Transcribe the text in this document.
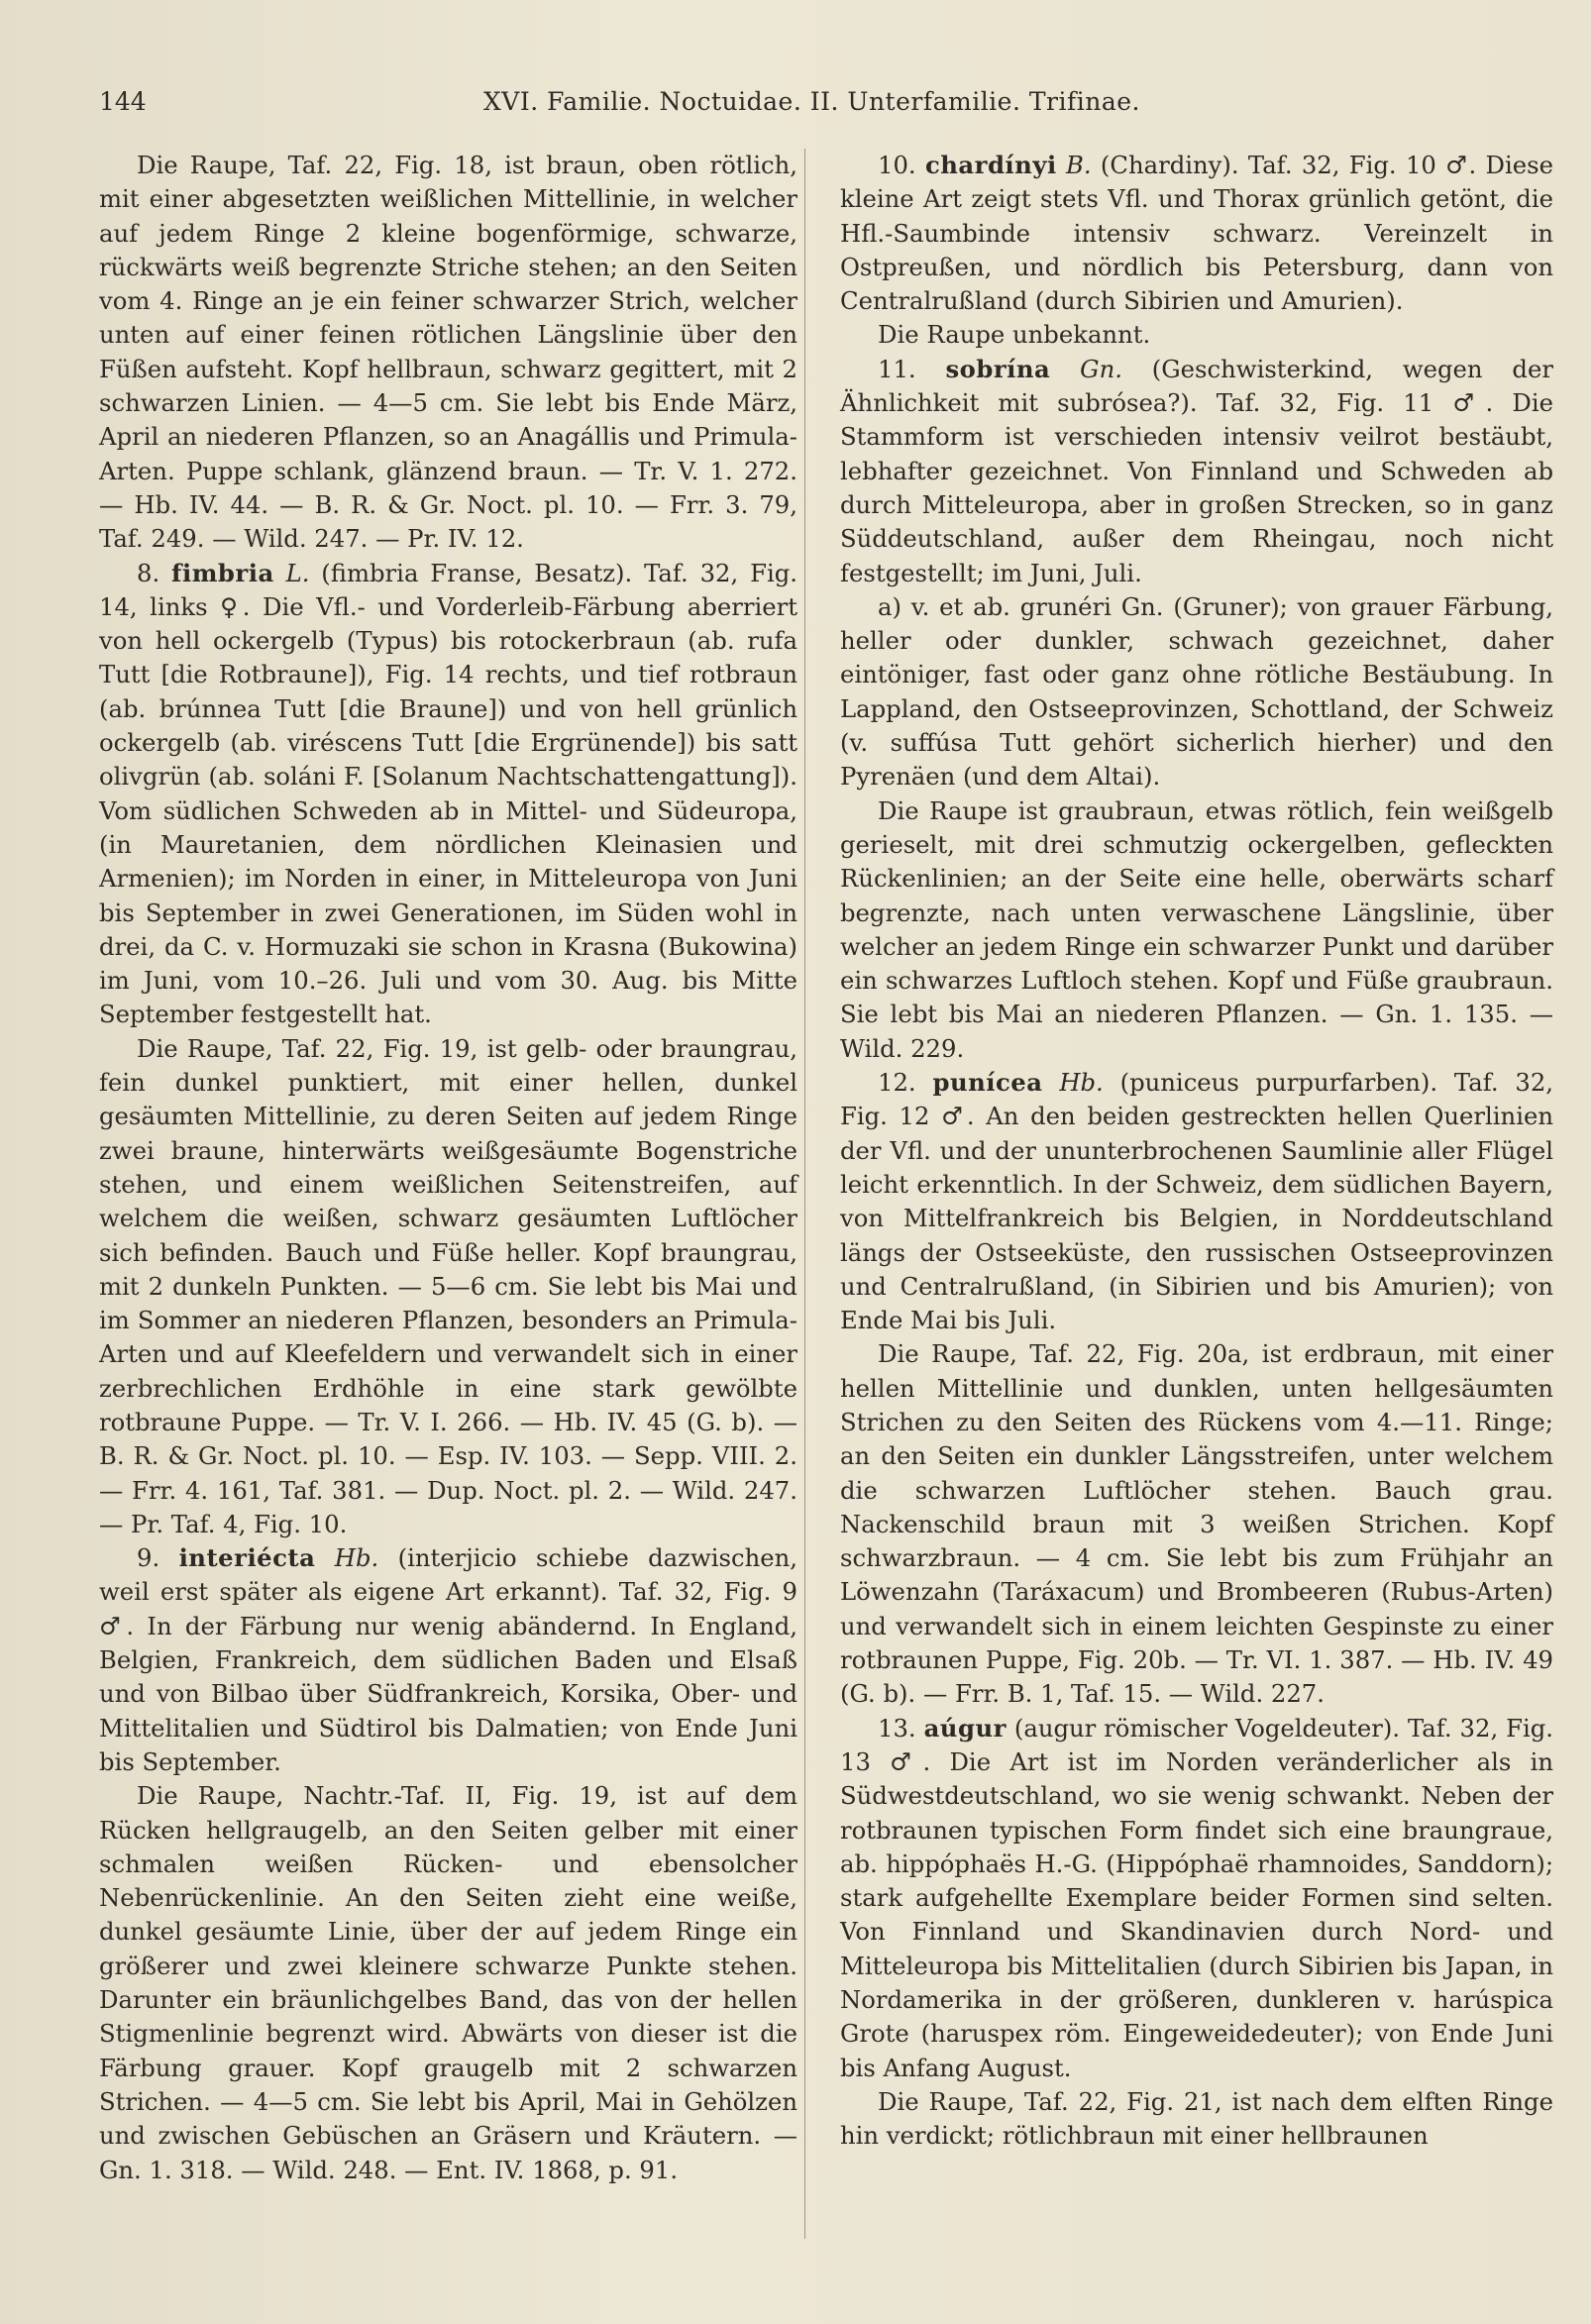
144	XVI. Familie. Noctuidae. II. Unterfamilie. Trifinae.

Die Raupe, Taf. 22, Fig. 18, ist braun, oben rötlich, mit einer abgesetzten weißlichen Mittellinie, in welcher auf jedem Ringe 2 kleine bogenförmige, schwarze, rückwärts weiß begrenzte Striche stehen; an den Seiten vom 4. Ringe an je ein feiner schwarzer Strich, welcher unten auf einer feinen rötlichen Längslinie über den Füßen aufsteht. Kopf hellbraun, schwarz gegittert, mit 2 schwarzen Linien. — 4—5 cm. Sie lebt bis Ende März, April an niederen Pflanzen, so an Anagállis und Primula-Arten. Puppe schlank, glänzend braun. — Tr. V. 1. 272. — Hb. IV. 44. — B. R. & Gr. Noct. pl. 10. — Frr. 3. 79, Taf. 249. — Wild. 247. — Pr. IV. 12.

8. fimbria L. (fimbria Franse, Besatz). Taf. 32, Fig. 14, links ♀. Die Vfl.- und Vorderleib-Färbung aberriert von hell ockergelb (Typus) bis rotockerbraun (ab. rufa Tutt [die Rotbraune]), Fig. 14 rechts, und tief rotbraun (ab. brúnnea Tutt [die Braune]) und von hell grünlich ockergelb (ab. viréscens Tutt [die Ergrünende]) bis satt olivgrün (ab. soláni F. [Solanum Nachtschattengattung]). Vom südlichen Schweden ab in Mittel- und Südeuropa, (in Mauretanien, dem nördlichen Kleinasien und Armenien); im Norden in einer, in Mitteleuropa von Juni bis September in zwei Generationen, im Süden wohl in drei, da C. v. Hormuzaki sie schon in Krasna (Bukowina) im Juni, vom 10.–26. Juli und vom 30. Aug. bis Mitte September festgestellt hat.

Die Raupe, Taf. 22, Fig. 19, ist gelb- oder braungrau, fein dunkel punktiert, mit einer hellen, dunkel gesäumten Mittellinie, zu deren Seiten auf jedem Ringe zwei braune, hinterwärts weißgesäumte Bogenstriche stehen, und einem weißlichen Seitenstreifen, auf welchem die weißen, schwarz gesäumten Luftlöcher sich befinden. Bauch und Füße heller. Kopf braungrau, mit 2 dunkeln Punkten. — 5—6 cm. Sie lebt bis Mai und im Sommer an niederen Pflanzen, besonders an Primula-Arten und auf Kleefeldern und verwandelt sich in einer zerbrechlichen Erdhöhle in eine stark gewölbte rotbraune Puppe. — Tr. V. I. 266. — Hb. IV. 45 (G. b). — B. R. & Gr. Noct. pl. 10. — Esp. IV. 103. — Sepp. VIII. 2. — Frr. 4. 161, Taf. 381. — Dup. Noct. pl. 2. — Wild. 247. — Pr. Taf. 4, Fig. 10.

9. interiécta Hb. (interjicio schiebe dazwischen, weil erst später als eigene Art erkannt). Taf. 32, Fig. 9 ♂. In der Färbung nur wenig abändernd. In England, Belgien, Frankreich, dem südlichen Baden und Elsaß und von Bilbao über Südfrankreich, Korsika, Ober- und Mittelitalien und Südtirol bis Dalmatien; von Ende Juni bis September.

Die Raupe, Nachtr.-Taf. II, Fig. 19, ist auf dem Rücken hellgraugelb, an den Seiten gelber mit einer schmalen weißen Rücken- und ebensolcher Nebenrückenlinie. An den Seiten zieht eine weiße, dunkel gesäumte Linie, über der auf jedem Ringe ein größerer und zwei kleinere schwarze Punkte stehen. Darunter ein bräunlichgelbes Band, das von der hellen Stigmenlinie begrenzt wird. Abwärts von dieser ist die Färbung grauer. Kopf graugelb mit 2 schwarzen Strichen. — 4—5 cm. Sie lebt bis April, Mai in Gehölzen und zwischen Gebüschen an Gräsern und Kräutern. — Gn. 1. 318. — Wild. 248. — Ent. IV. 1868, p. 91.

10. chardínyi B. (Chardiny). Taf. 32, Fig. 10 ♂. Diese kleine Art zeigt stets Vfl. und Thorax grünlich getönt, die Hfl.-Saumbinde intensiv schwarz. Vereinzelt in Ostpreußen, und nördlich bis Petersburg, dann von Centralrußland (durch Sibirien und Amurien).

Die Raupe unbekannt.

11. sobrína Gn. (Geschwisterkind, wegen der Ähnlichkeit mit subrósea?). Taf. 32, Fig. 11 ♂. Die Stammform ist verschieden intensiv veilrot bestäubt, lebhafter gezeichnet. Von Finnland und Schweden ab durch Mitteleuropa, aber in großen Strecken, so in ganz Süddeutschland, außer dem Rheingau, noch nicht festgestellt; im Juni, Juli.

a) v. et ab. grunéri Gn. (Gruner); von grauer Färbung, heller oder dunkler, schwach gezeichnet, daher eintöniger, fast oder ganz ohne rötliche Bestäubung. In Lappland, den Ostseeprovinzen, Schottland, der Schweiz (v. suffúsa Tutt gehört sicherlich hierher) und den Pyrenäen (und dem Altai).

Die Raupe ist graubraun, etwas rötlich, fein weißgelb gerieselt, mit drei schmutzig ockergelben, gefleckten Rückenlinien; an der Seite eine helle, oberwärts scharf begrenzte, nach unten verwaschene Längslinie, über welcher an jedem Ringe ein schwarzer Punkt und darüber ein schwarzes Luftloch stehen. Kopf und Füße graubraun. Sie lebt bis Mai an niederen Pflanzen. — Gn. 1. 135. — Wild. 229.

12. punícea Hb. (puniceus purpurfarben). Taf. 32, Fig. 12 ♂. An den beiden gestreckten hellen Querlinien der Vfl. und der ununterbrochenen Saumlinie aller Flügel leicht erkenntlich. In der Schweiz, dem südlichen Bayern, von Mittelfrankreich bis Belgien, in Norddeutschland längs der Ostseeküste, den russischen Ostseeprovinzen und Centralrußland, (in Sibirien und bis Amurien); von Ende Mai bis Juli.

Die Raupe, Taf. 22, Fig. 20a, ist erdbraun, mit einer hellen Mittellinie und dunklen, unten hellgesäumten Strichen zu den Seiten des Rückens vom 4.—11. Ringe; an den Seiten ein dunkler Längsstreifen, unter welchem die schwarzen Luftlöcher stehen. Bauch grau. Nackenschild braun mit 3 weißen Strichen. Kopf schwarzbraun. — 4 cm. Sie lebt bis zum Frühjahr an Löwenzahn (Taráxacum) und Brombeeren (Rubus-Arten) und verwandelt sich in einem leichten Gespinste zu einer rotbraunen Puppe, Fig. 20b. — Tr. VI. 1. 387. — Hb. IV. 49 (G. b). — Frr. B. 1, Taf. 15. — Wild. 227.

13. aúgur (augur römischer Vogeldeuter). Taf. 32, Fig. 13 ♂. Die Art ist im Norden veränderlicher als in Südwestdeutschland, wo sie wenig schwankt. Neben der rotbraunen typischen Form findet sich eine braungraue, ab. hippóphaës H.-G. (Hippóphaë rhamnoides, Sanddorn); stark aufgehellte Exemplare beider Formen sind selten. Von Finnland und Skandinavien durch Nord- und Mitteleuropa bis Mittelitalien (durch Sibirien bis Japan, in Nordamerika in der größeren, dunkleren v. harúspica Grote (haruspex röm. Eingeweidedeuter); von Ende Juni bis Anfang August.

Die Raupe, Taf. 22, Fig. 21, ist nach dem elften Ringe hin verdickt; rötlichbraun mit einer hellbraunen
